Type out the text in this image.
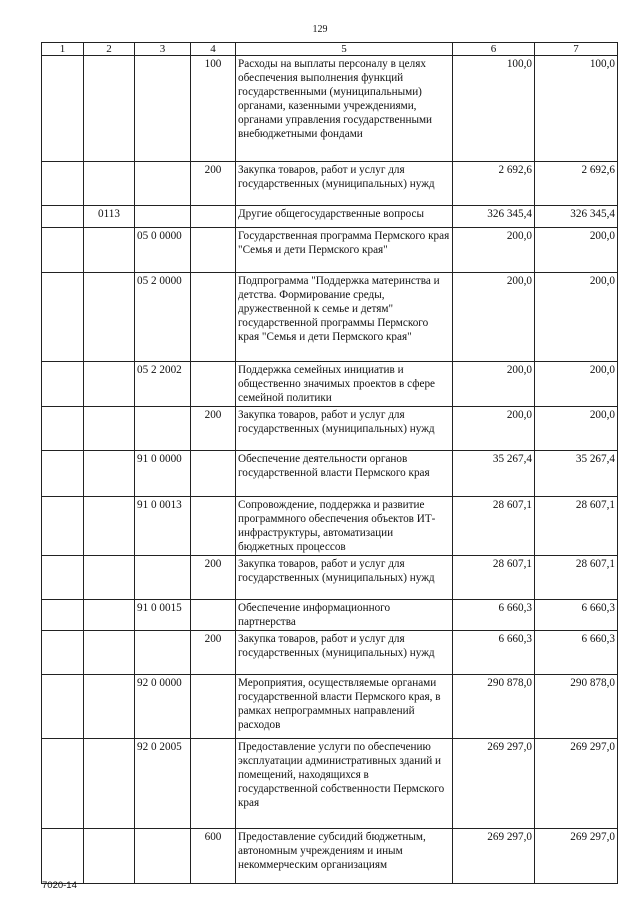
129
1	2	3	4	5	6	7
			100	Расходы на выплаты персоналу в целях обеспечения выполнения функций государственными (муниципальными) органами, казенными учреждениями, органами управления государственными внебюджетными фондами	100,0	100,0
			200	Закупка товаров, работ и услуг для государственных (муниципальных) нужд	2 692,6	2 692,6
	0113			Другие общегосударственные вопросы	326 345,4	326 345,4
		05 0 0000		Государственная программа Пермского края "Семья и дети Пермского края"	200,0	200,0
		05 2 0000		Подпрограмма "Поддержка материнства и детства. Формирование среды, дружественной к семье и детям" государственной программы Пермского края "Семья и дети Пермского края"	200,0	200,0
		05 2 2002		Поддержка семейных инициатив и общественно значимых проектов в сфере семейной политики	200,0	200,0
			200	Закупка товаров, работ и услуг для государственных (муниципальных) нужд	200,0	200,0
		91 0 0000		Обеспечение деятельности органов государственной власти Пермского края	35 267,4	35 267,4
		91 0 0013		Сопровождение, поддержка и развитие программного обеспечения объектов ИТ-инфраструктуры, автоматизации бюджетных процессов	28 607,1	28 607,1
			200	Закупка товаров, работ и услуг для государственных (муниципальных) нужд	28 607,1	28 607,1
		91 0 0015		Обеспечение информационного партнерства	6 660,3	6 660,3
			200	Закупка товаров, работ и услуг для государственных (муниципальных) нужд	6 660,3	6 660,3
		92 0 0000		Мероприятия, осуществляемые органами государственной власти Пермского края, в рамках непрограммных направлений расходов	290 878,0	290 878,0
		92 0 2005		Предоставление услуги по обеспечению эксплуатации административных зданий и помещений, находящихся в государственной собственности Пермского края	269 297,0	269 297,0
			600	Предоставление субсидий бюджетным, автономным учреждениям и иным некоммерческим организациям	269 297,0	269 297,0
7020-14
